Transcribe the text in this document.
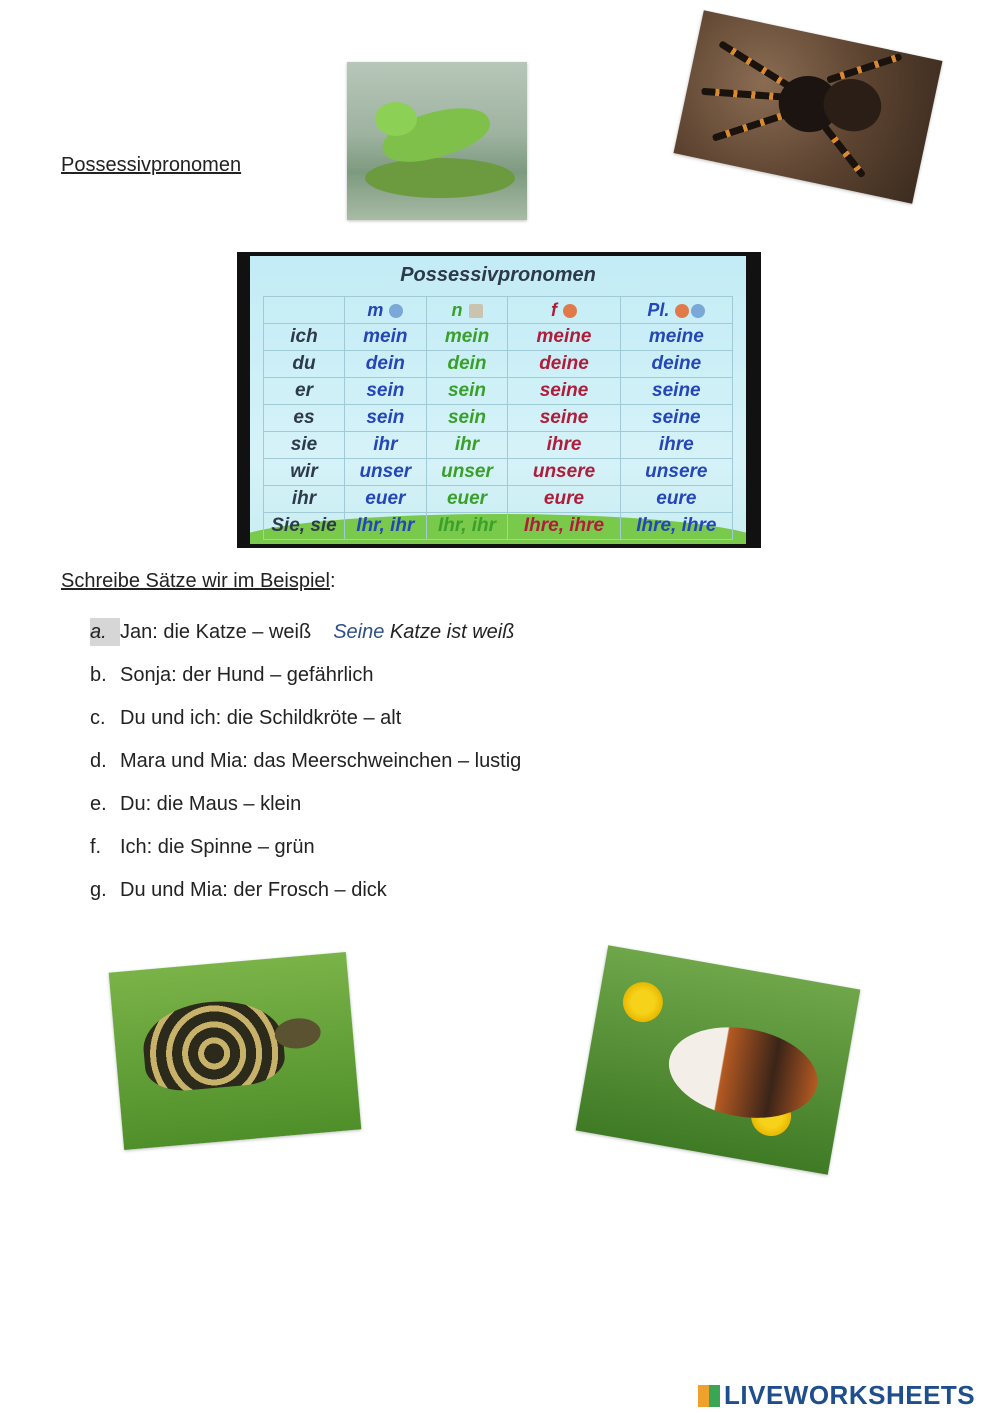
Possessivpronomen
Possessivpronomen
	m	n	f	Pl.
ich	mein	mein	meine	meine
du	dein	dein	deine	deine
er	sein	sein	seine	seine
es	sein	sein	seine	seine
sie	ihr	ihr	ihre	ihre
wir	unser	unser	unsere	unsere
ihr	euer	euer	eure	eure
Sie, sie	Ihr, ihr	Ihr, ihr	Ihre, ihre	Ihre, ihre
Schreibe Sätze wir im Beispiel:
a. Jan: die Katze – weiß Seine Katze ist weiß
b. Sonja: der Hund – gefährlich
c. Du und ich: die Schildkröte – alt
d. Mara und Mia: das Meerschweinchen – lustig
e. Du: die Maus – klein
f. Ich: die Spinne – grün
g. Du und Mia: der Frosch – dick
LIVEWORKSHEETS
